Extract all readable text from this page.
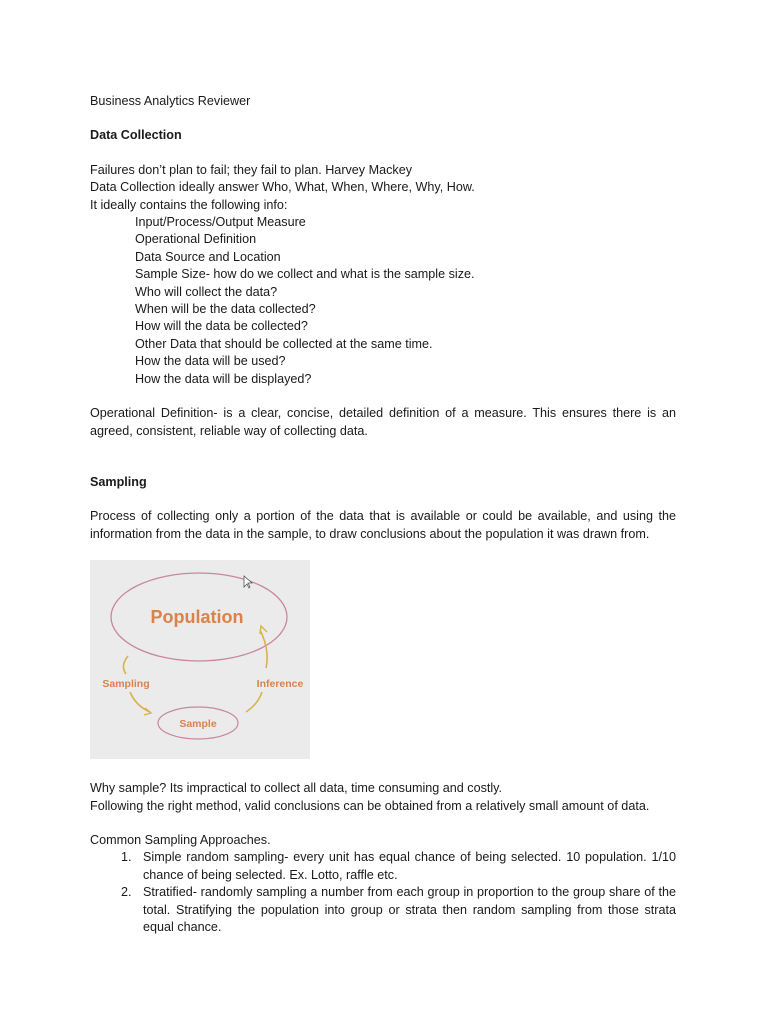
Business Analytics Reviewer

Data Collection

Failures don’t plan to fail; they fail to plan. Harvey Mackey

Data Collection ideally answer Who, What, When, Where, Why, How.

It ideally contains the following info:

Input/Process/Output Measure
Operational Definition
Data Source and Location
Sample Size- how do we collect and what is the sample size.
Who will collect the data?
When will be the data collected?
How will the data be collected?
Other Data that should be collected at the same time.
How the data will be used?
How the data will be displayed?

Operational Definition- is a clear, concise, detailed definition of a measure. This ensures there is an agreed, consistent, reliable way of collecting data.

Sampling

Process of collecting only a portion of the data that is available or could be available, and using the information from the data in the sample, to draw conclusions about the population it was drawn from.

Population
Sample
Sampling	Inference

Why sample? Its impractical to collect all data, time consuming and costly.

Following the right method, valid conclusions can be obtained from a relatively small amount of data.

Common Sampling Approaches.

1. Simple random sampling- every unit has equal chance of being selected. 10 population. 1/10 chance of being selected. Ex. Lotto, raffle etc.
2. Stratified- randomly sampling a number from each group in proportion to the group share of the total. Stratifying the population into group or strata then random sampling from those strata equal chance.
